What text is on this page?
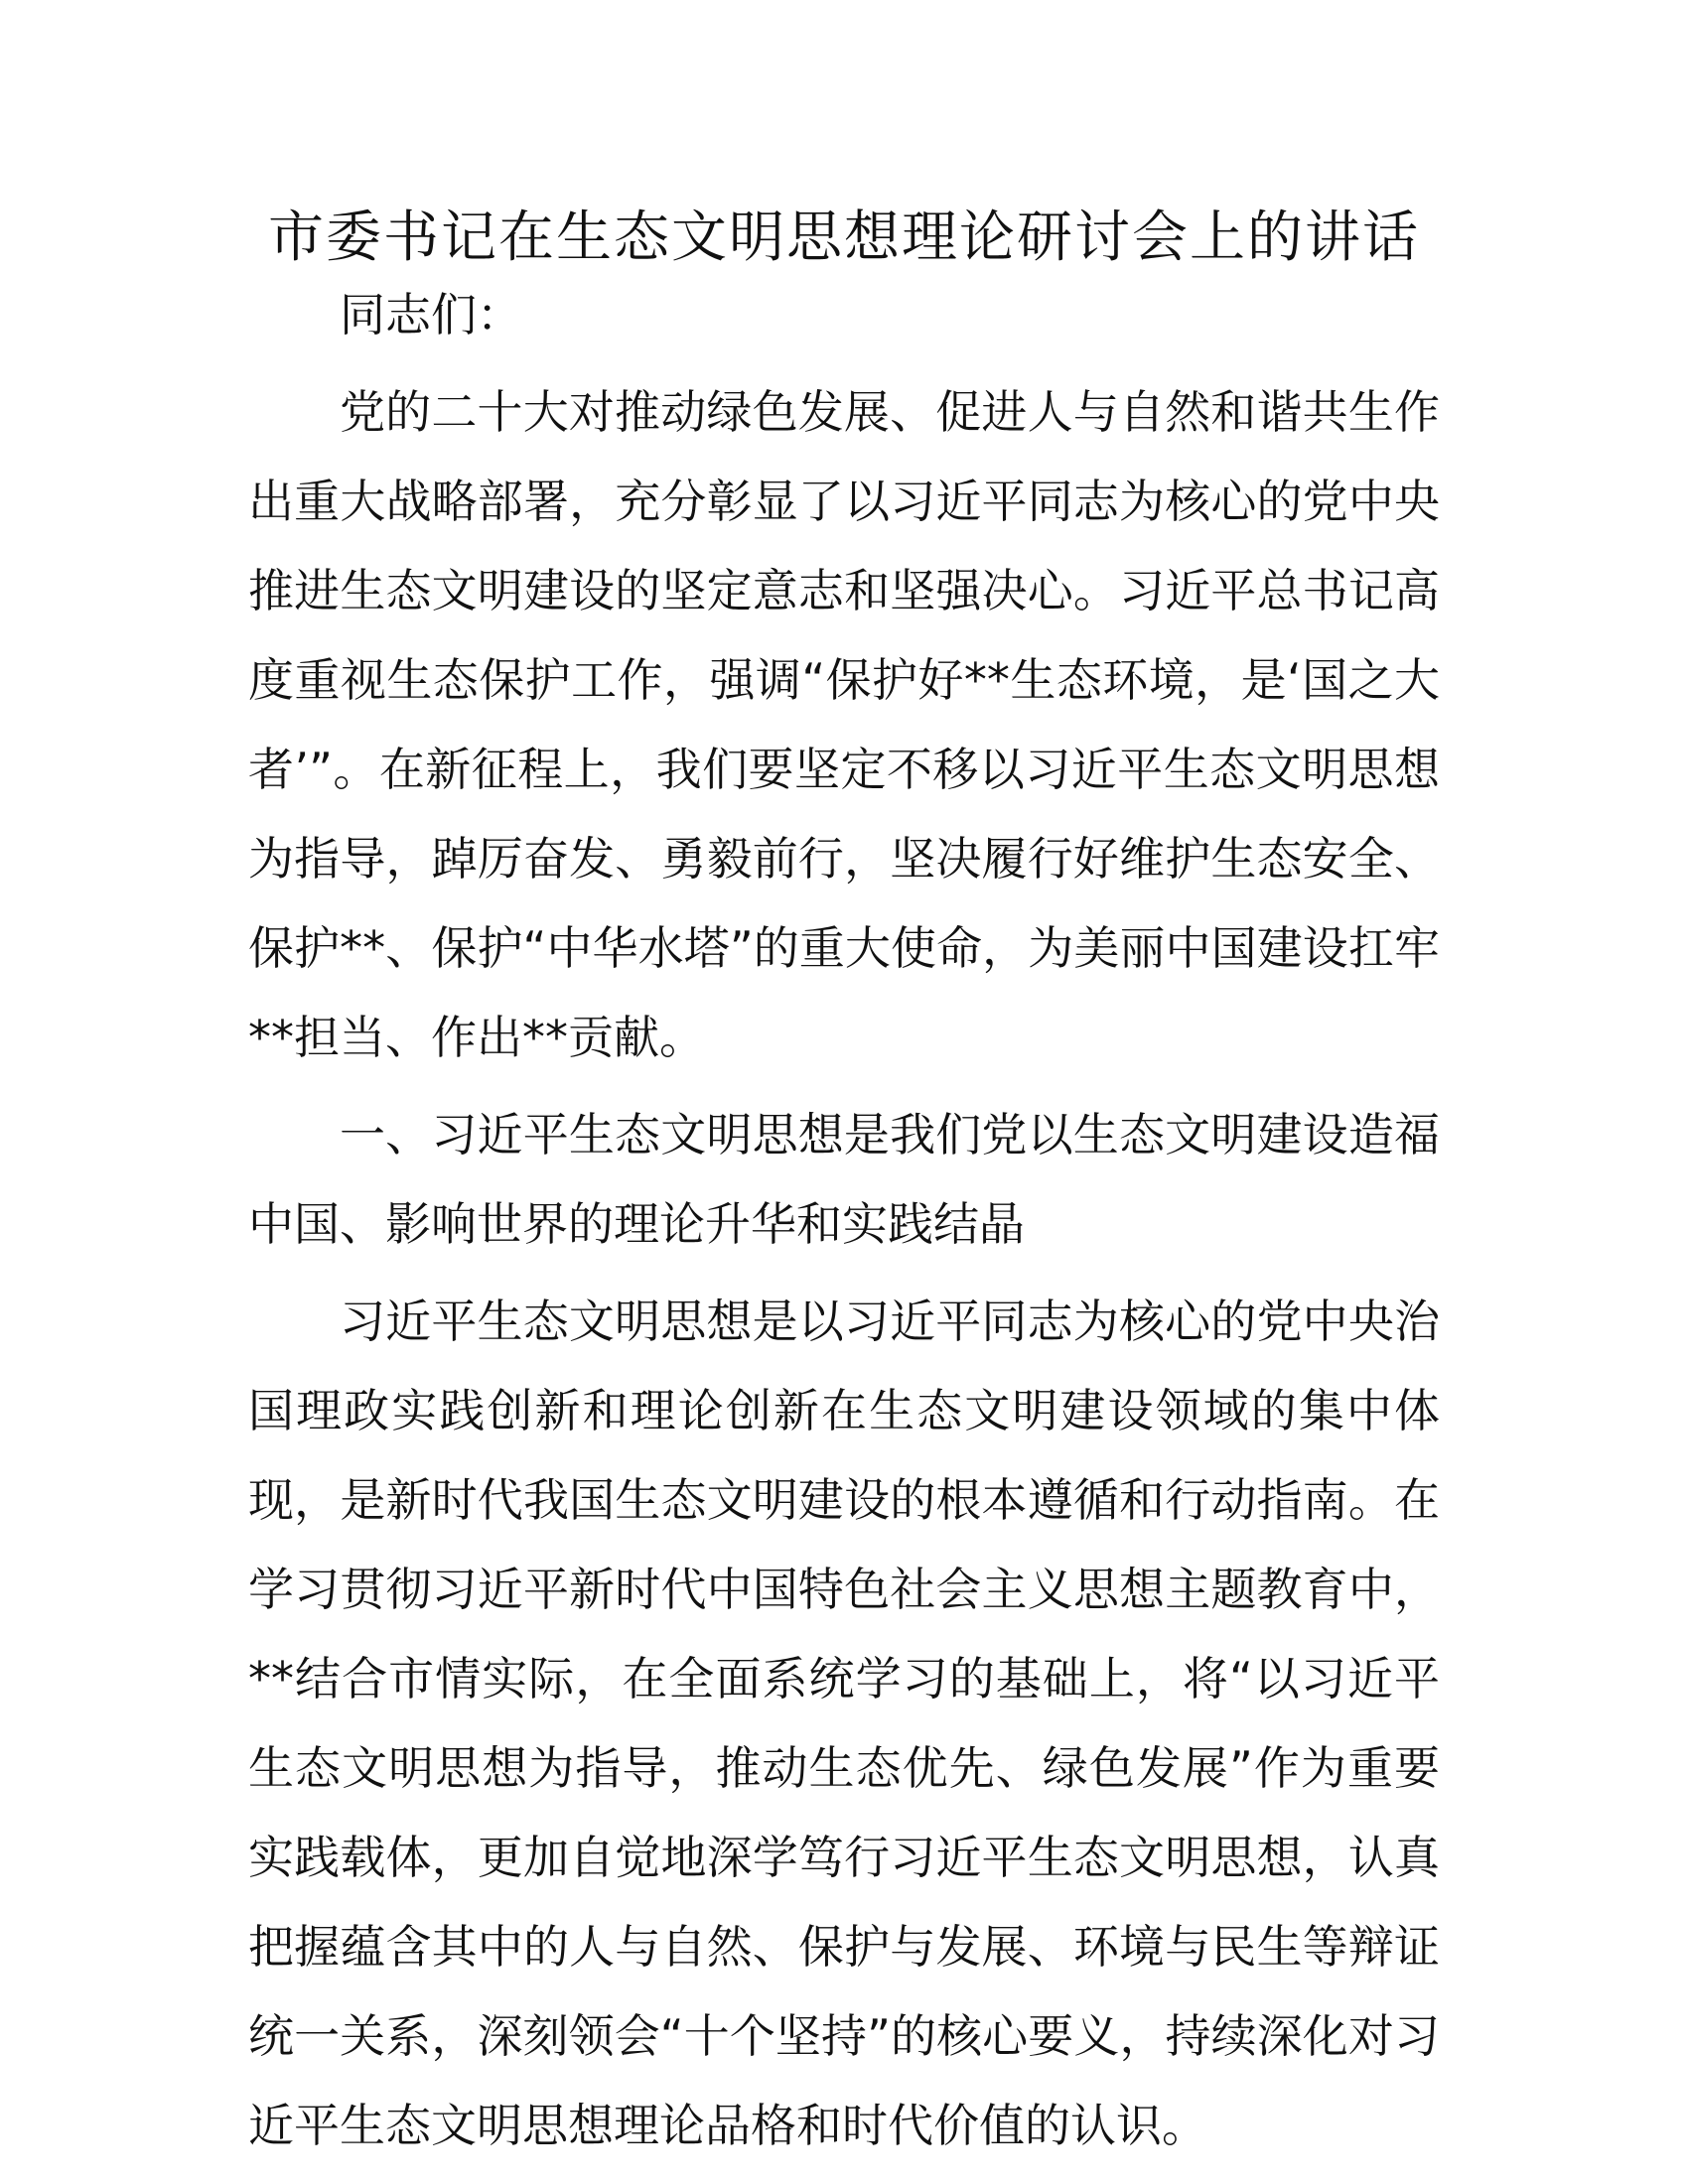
市委书记在生态文明思想理论研讨会上的讲话

同志们：

党的二十大对推动绿色发展、促进人与自然和谐共生作出重大战略部署，充分彰显了以习近平同志为核心的党中央推进生态文明建设的坚定意志和坚强决心。习近平总书记高度重视生态保护工作，强调“保护好**生态环境，是‘国之大者’”。在新征程上，我们要坚定不移以习近平生态文明思想为指导，踔厉奋发、勇毅前行，坚决履行好维护生态安全、保护**、保护“中华水塔”的重大使命，为美丽中国建设扛牢**担当、作出**贡献。

一、习近平生态文明思想是我们党以生态文明建设造福中国、影响世界的理论升华和实践结晶

习近平生态文明思想是以习近平同志为核心的党中央治国理政实践创新和理论创新在生态文明建设领域的集中体现，是新时代我国生态文明建设的根本遵循和行动指南。在学习贯彻习近平新时代中国特色社会主义思想主题教育中，**结合市情实际，在全面系统学习的基础上，将“以习近平生态文明思想为指导，推动生态优先、绿色发展”作为重要实践载体，更加自觉地深学笃行习近平生态文明思想，认真把握蕴含其中的人与自然、保护与发展、环境与民生等辩证统一关系，深刻领会“十个坚持”的核心要义，持续深化对习近平生态文明思想理论品格和时代价值的认识。
